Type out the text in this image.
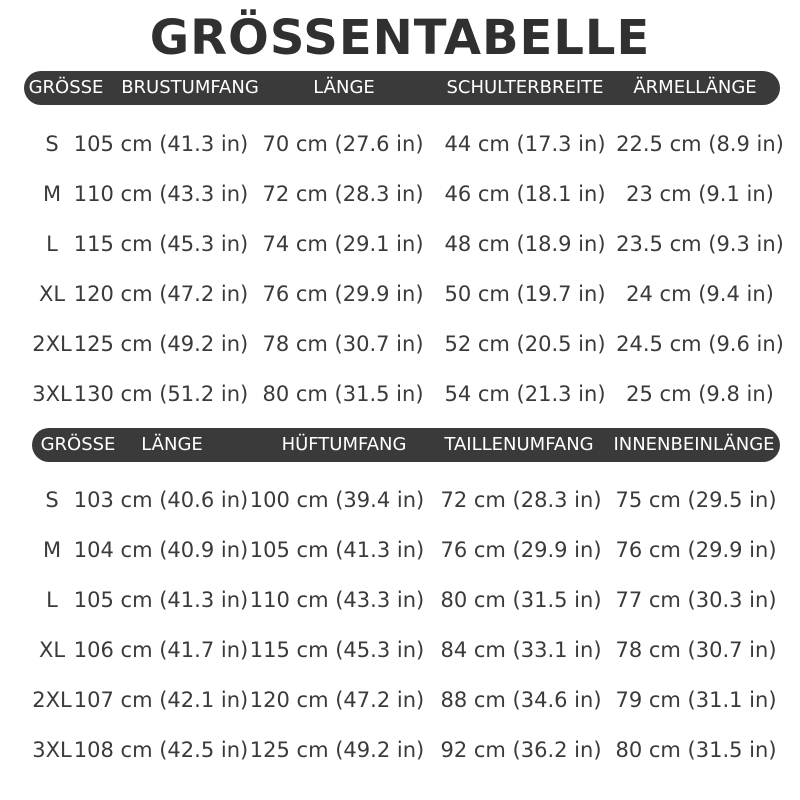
GRÖSSENTABELLE
GRÖSSE BRUSTUMFANG	LÄNGE	SCHULTERBREITE ÄRMELLÄNGE
S 105 cm (41.3 in) 70 cm (27.6 in) 44 cm (17.3 in) 22.5 cm (8.9 in)
M 110 cm (43.3 in) 72 cm (28.3 in) 46 cm (18.1 in) 23 cm (9.1 in)
L 115 cm (45.3 in) 74 cm (29.1 in) 48 cm (18.9 in) 23.5 cm (9.3 in)
XL 120 cm (47.2 in) 76 cm (29.9 in) 50 cm (19.7 in) 24 cm (9.4 in)
2XL 125 cm (49.2 in) 78 cm (30.7 in) 52 cm (20.5 in) 24.5 cm (9.6 in)
3XL 130 cm (51.2 in) 80 cm (31.5 in) 54 cm (21.3 in) 25 cm (9.8 in)
GRÖSSE LÄNGE	HÜFTUMFANG TAILLENUMFANG INNENBEINLÄNGE
S 103 cm (40.6 in) 100 cm (39.4 in) 72 cm (28.3 in) 75 cm (29.5 in)
M 104 cm (40.9 in) 105 cm (41.3 in) 76 cm (29.9 in) 76 cm (29.9 in)
L 105 cm (41.3 in) 110 cm (43.3 in) 80 cm (31.5 in) 77 cm (30.3 in)
XL 106 cm (41.7 in) 115 cm (45.3 in) 84 cm (33.1 in) 78 cm (30.7 in)
2XL 107 cm (42.1 in) 120 cm (47.2 in) 88 cm (34.6 in) 79 cm (31.1 in)
3XL 108 cm (42.5 in) 125 cm (49.2 in) 92 cm (36.2 in) 80 cm (31.5 in)
